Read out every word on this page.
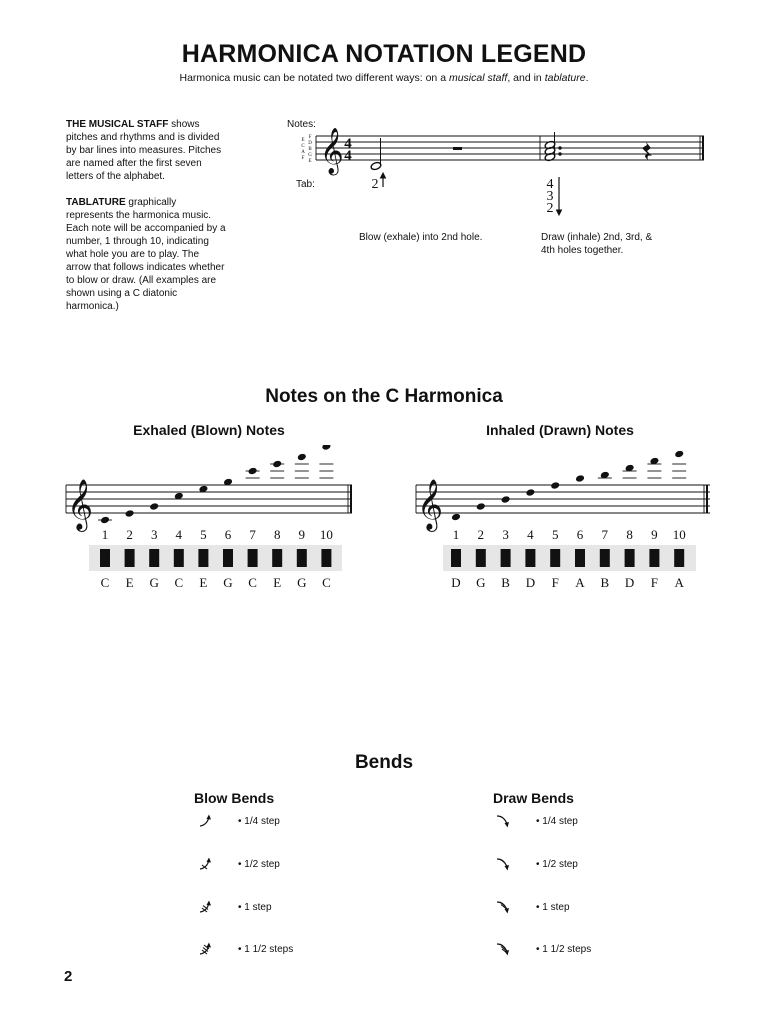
HARMONICA NOTATION LEGEND
Harmonica music can be notated two different ways: on a musical staff, and in tablature.
THE MUSICAL STAFF shows pitches and rhythms and is divided by bar lines into measures. Pitches are named after the first seven letters of the alphabet.
TABLATURE graphically represents the harmonica music. Each note will be accompanied by a number, 1 through 10, indicating what hole you are to play. The arrow that follows indicates whether to blow or draw. (All examples are shown using a C diatonic harmonica.)
Notes:
Tab:
E
C
A
F
F
D
B
G
E 𝄞 4
4
2	4
3
2
Blow (exhale) into 2nd hole.	Draw (inhale) 2nd, 3rd, & 4th holes together.
Notes on the C Harmonica
Exhaled (Blown) Notes	Inhaled (Drawn) Notes
𝄞
1 2 3 4 5 6 7 8 9 10
C E G C E G C E G C
𝄞
1 2 3 4 5 6 7 8 9 10
D G B D F A B D F A
Bends
Blow Bends	Draw Bends
• 1/4 step
• 1/2 step
• 1 step
• 1 1/2 steps
• 1/4 step
• 1/2 step
• 1 step
• 1 1/2 steps
2
